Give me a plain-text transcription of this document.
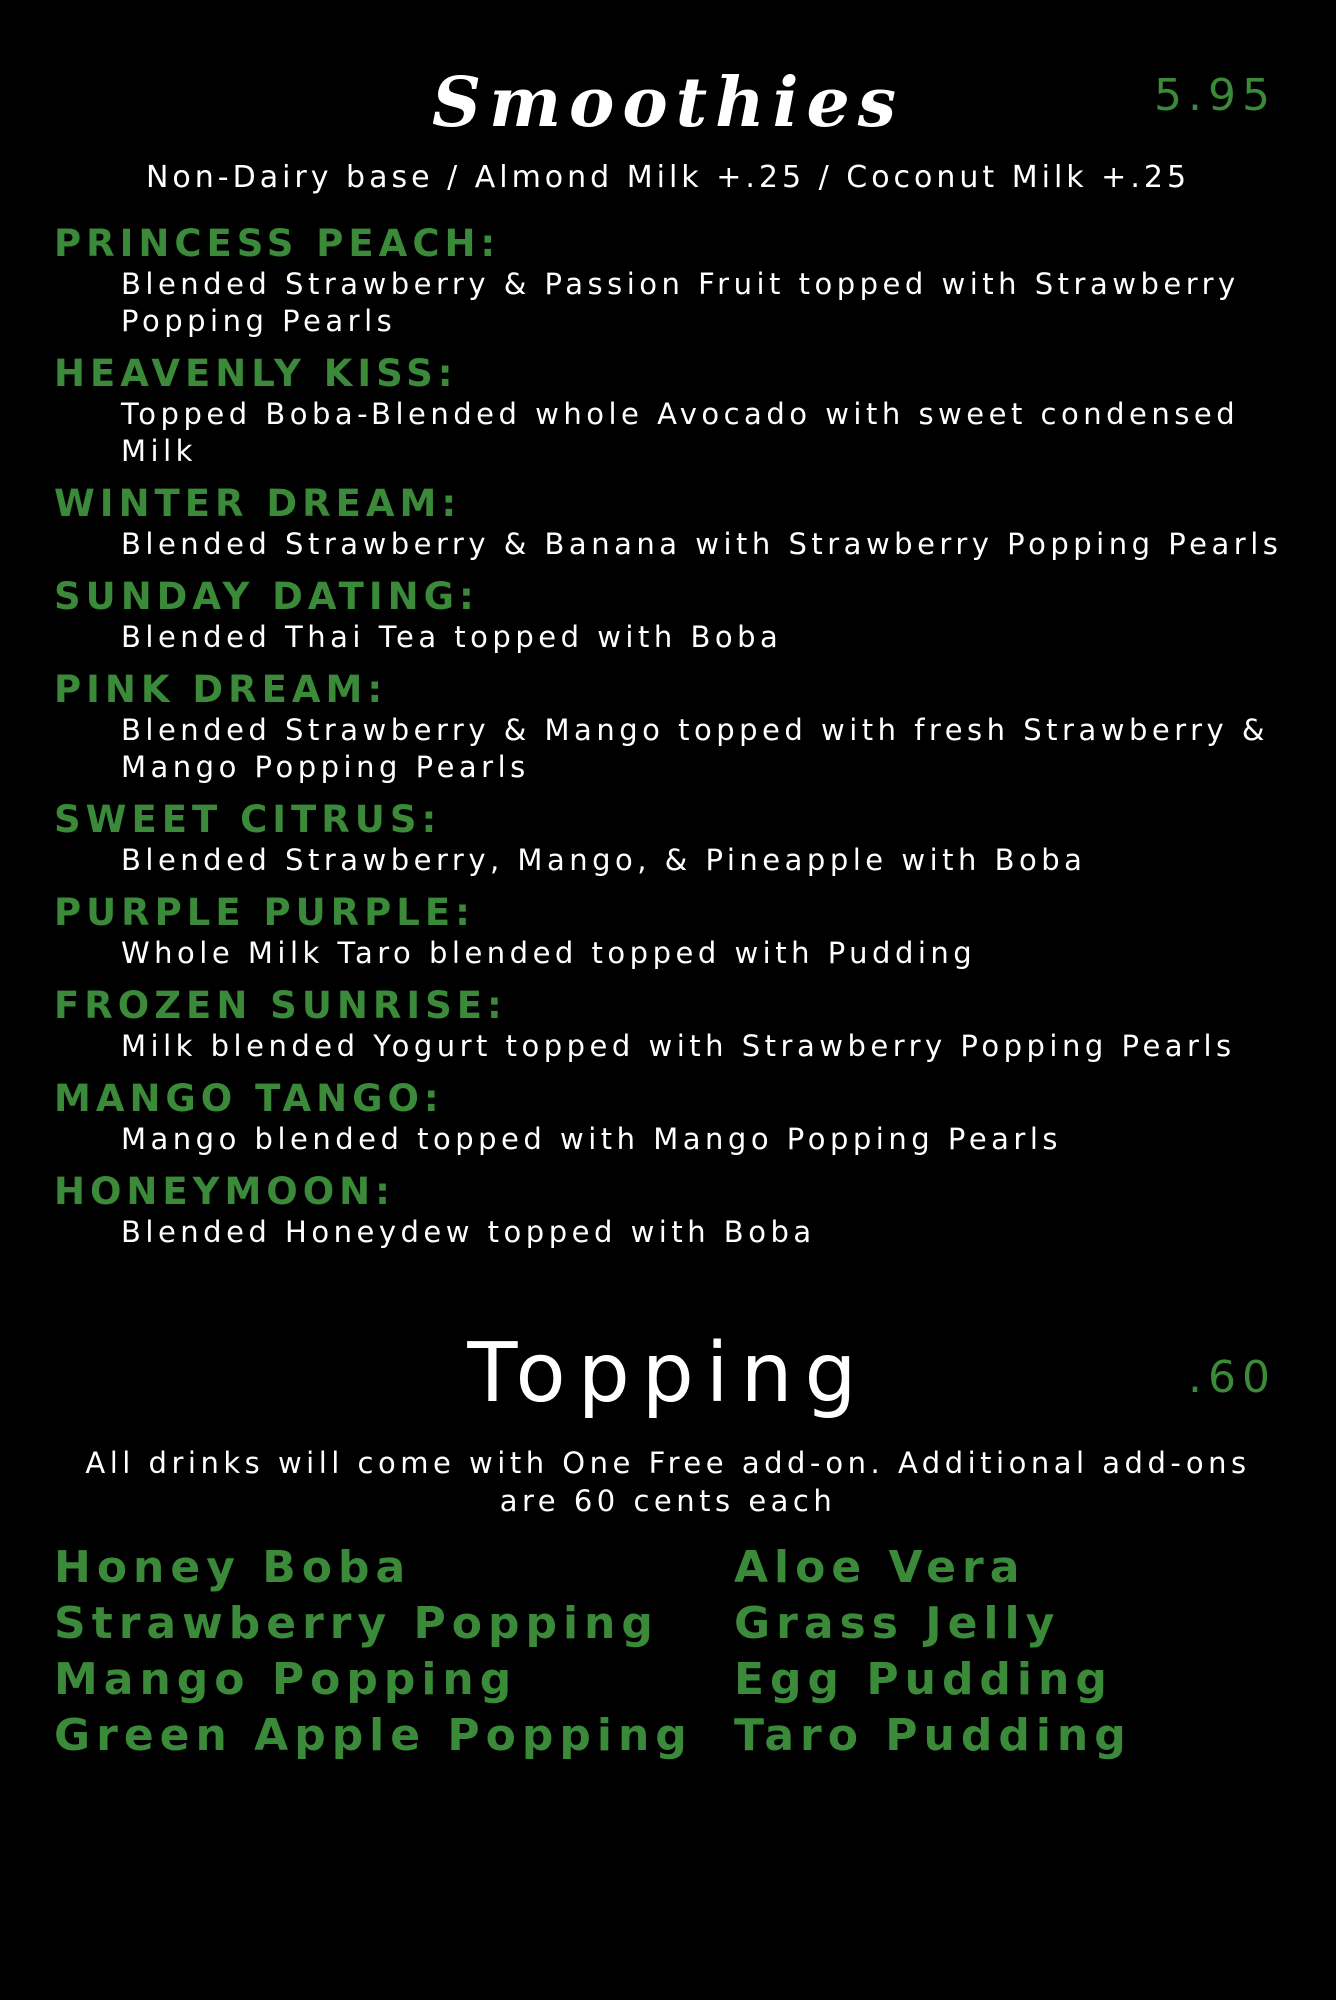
Smoothies	5.95
Non-Dairy base / Almond Milk +.25 / Coconut Milk +.25
PRINCESS PEACH:
Blended Strawberry & Passion Fruit topped with Strawberry Popping Pearls
HEAVENLY KISS:
Topped Boba-Blended whole Avocado with sweet condensed Milk
WINTER DREAM:
Blended Strawberry & Banana with Strawberry Popping Pearls
SUNDAY DATING:
Blended Thai Tea topped with Boba
PINK DREAM:
Blended Strawberry & Mango topped with fresh Strawberry & Mango Popping Pearls
SWEET CITRUS:
Blended Strawberry, Mango, & Pineapple with Boba
PURPLE PURPLE:
Whole Milk Taro blended topped with Pudding
FROZEN SUNRISE:
Milk blended Yogurt topped with Strawberry Popping Pearls
MANGO TANGO:
Mango blended topped with Mango Popping Pearls
HONEYMOON:
Blended Honeydew topped with Boba
Topping	.60
All drinks will come with One Free add-on. Additional add-ons are 60 cents each
Honey Boba
Strawberry Popping
Mango Popping
Green Apple Popping
Aloe Vera
Grass Jelly
Egg Pudding
Taro Pudding
